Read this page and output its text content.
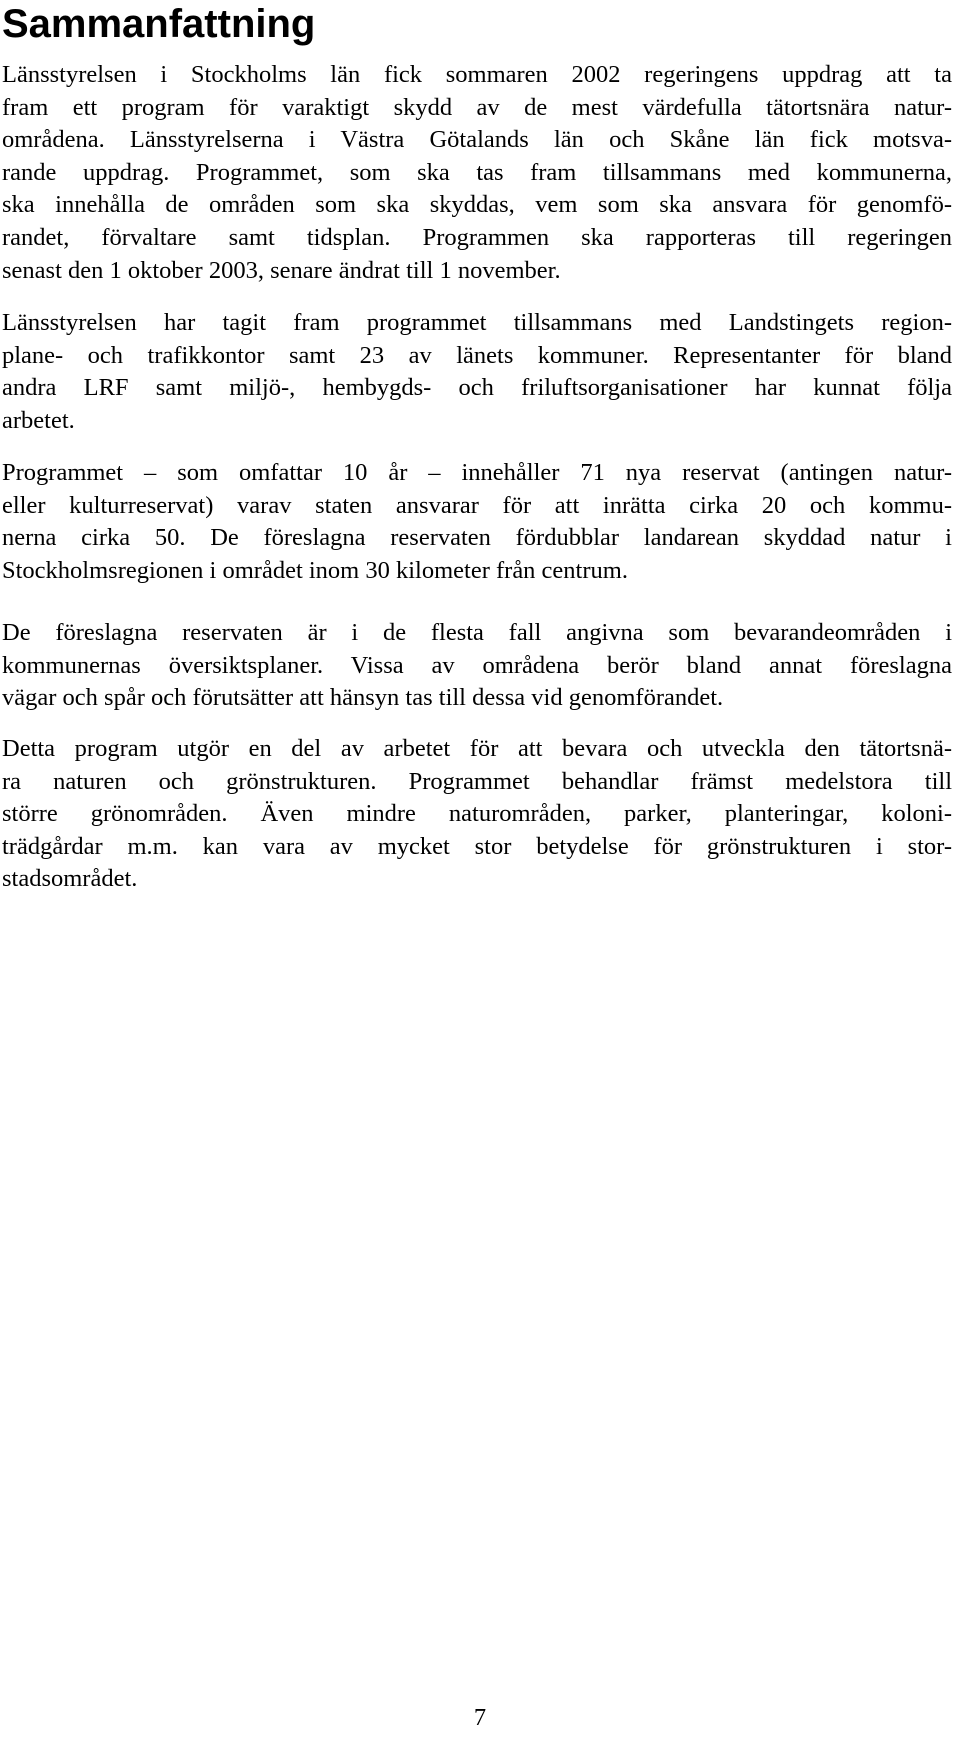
Sammanfattning
Länsstyrelsen i Stockholms län fick sommaren 2002 regeringens uppdrag att ta
fram ett program för varaktigt skydd av de mest värdefulla tätortsnära natur-
områdena. Länsstyrelserna i Västra Götalands län och Skåne län fick motsva-
rande uppdrag. Programmet, som ska tas fram tillsammans med kommunerna,
ska innehålla de områden som ska skyddas, vem som ska ansvara för genomfö-
randet, förvaltare samt tidsplan. Programmen ska rapporteras till regeringen
senast den 1 oktober 2003, senare ändrat till 1 november.
Länsstyrelsen har tagit fram programmet tillsammans med Landstingets region-
plane- och trafikkontor samt 23 av länets kommuner. Representanter för bland
andra LRF samt miljö-, hembygds- och friluftsorganisationer har kunnat följa
arbetet.
Programmet – som omfattar 10 år – innehåller 71 nya reservat (antingen natur-
eller kulturreservat) varav staten ansvarar för att inrätta cirka 20 och kommu-
nerna cirka 50. De föreslagna reservaten fördubblar landarean skyddad natur i
Stockholmsregionen i området inom 30 kilometer från centrum.
De föreslagna reservaten är i de flesta fall angivna som bevarandeområden i
kommunernas översiktsplaner. Vissa av områdena berör bland annat föreslagna
vägar och spår och förutsätter att hänsyn tas till dessa vid genomförandet.
Detta program utgör en del av arbetet för att bevara och utveckla den tätortsnä-
ra naturen och grönstrukturen. Programmet behandlar främst medelstora till
större grönområden. Även mindre naturområden, parker, planteringar, koloni-
trädgårdar m.m. kan vara av mycket stor betydelse för grönstrukturen i stor-
stadsområdet.
7
